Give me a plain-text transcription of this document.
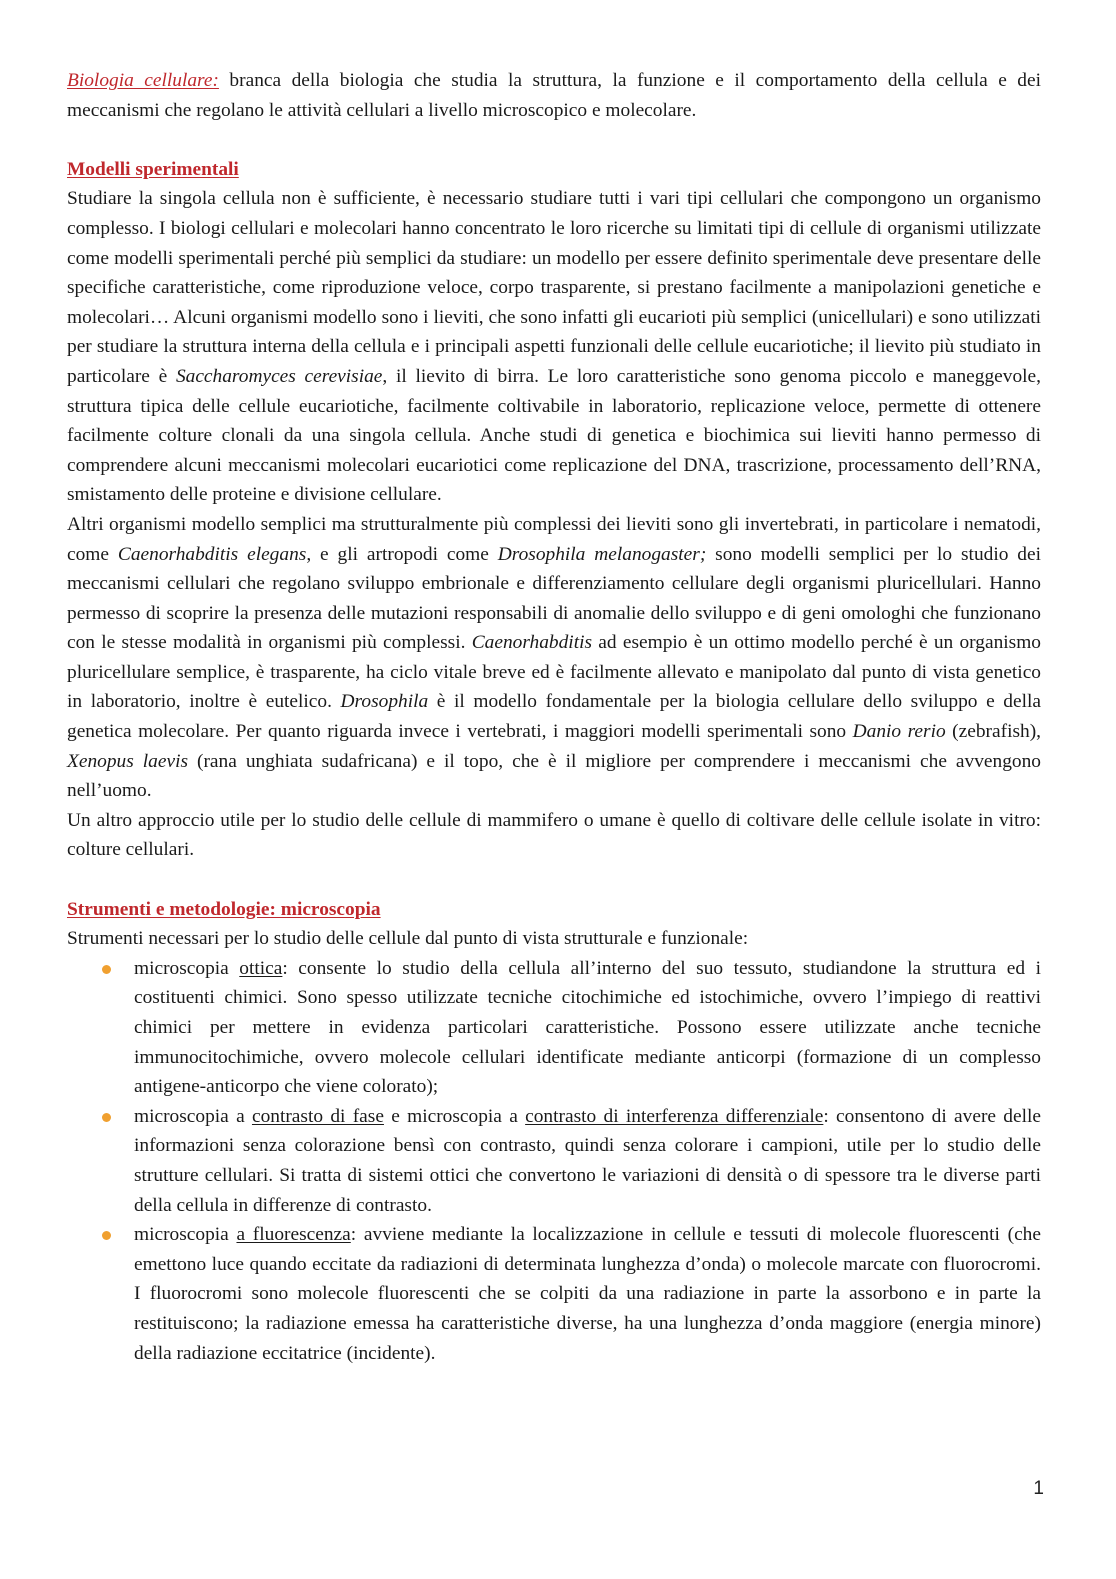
Biologia cellulare: branca della biologia che studia la struttura, la funzione e il comportamento della cellula e dei meccanismi che regolano le attività cellulari a livello microscopico e molecolare.

Modelli sperimentali

Studiare la singola cellula non è sufficiente, è necessario studiare tutti i vari tipi cellulari che compongono un organismo complesso. I biologi cellulari e molecolari hanno concentrato le loro ricerche su limitati tipi di cellule di organismi utilizzate come modelli sperimentali perché più semplici da studiare: un modello per essere definito sperimentale deve presentare delle specifiche caratteristiche, come riproduzione veloce, corpo trasparente, si prestano facilmente a manipolazioni genetiche e molecolari… Alcuni organismi modello sono i lieviti, che sono infatti gli eucarioti più semplici (unicellulari) e sono utilizzati per studiare la struttura interna della cellula e i principali aspetti funzionali delle cellule eucariotiche; il lievito più studiato in particolare è Saccharomyces cerevisiae, il lievito di birra. Le loro caratteristiche sono genoma piccolo e maneggevole, struttura tipica delle cellule eucariotiche, facilmente coltivabile in laboratorio, replicazione veloce, permette di ottenere facilmente colture clonali da una singola cellula. Anche studi di genetica e biochimica sui lieviti hanno permesso di comprendere alcuni meccanismi molecolari eucariotici come replicazione del DNA, trascrizione, processamento dell’RNA, smistamento delle proteine e divisione cellulare.

Altri organismi modello semplici ma strutturalmente più complessi dei lieviti sono gli invertebrati, in particolare i nematodi, come Caenorhabditis elegans, e gli artropodi come Drosophila melanogaster; sono modelli semplici per lo studio dei meccanismi cellulari che regolano sviluppo embrionale e differenziamento cellulare degli organismi pluricellulari. Hanno permesso di scoprire la presenza delle mutazioni responsabili di anomalie dello sviluppo e di geni omologhi che funzionano con le stesse modalità in organismi più complessi. Caenorhabditis ad esempio è un ottimo modello perché è un organismo pluricellulare semplice, è trasparente, ha ciclo vitale breve ed è facilmente allevato e manipolato dal punto di vista genetico in laboratorio, inoltre è eutelico. Drosophila è il modello fondamentale per la biologia cellulare dello sviluppo e della genetica molecolare. Per quanto riguarda invece i vertebrati, i maggiori modelli sperimentali sono Danio rerio (zebrafish), Xenopus laevis (rana unghiata sudafricana) e il topo, che è il migliore per comprendere i meccanismi che avvengono nell’uomo.

Un altro approccio utile per lo studio delle cellule di mammifero o umane è quello di coltivare delle cellule isolate in vitro: colture cellulari.

Strumenti e metodologie: microscopia

Strumenti necessari per lo studio delle cellule dal punto di vista strutturale e funzionale:

microscopia ottica: consente lo studio della cellula all’interno del suo tessuto, studiandone la struttura ed i costituenti chimici. Sono spesso utilizzate tecniche citochimiche ed istochimiche, ovvero l’impiego di reattivi chimici per mettere in evidenza particolari caratteristiche. Possono essere utilizzate anche tecniche immunocitochimiche, ovvero molecole cellulari identificate mediante anticorpi (formazione di un complesso antigene-anticorpo che viene colorato);
microscopia a contrasto di fase e microscopia a contrasto di interferenza differenziale: consentono di avere delle informazioni senza colorazione bensì con contrasto, quindi senza colorare i campioni, utile per lo studio delle strutture cellulari. Si tratta di sistemi ottici che convertono le variazioni di densità o di spessore tra le diverse parti della cellula in differenze di contrasto.
microscopia a fluorescenza: avviene mediante la localizzazione in cellule e tessuti di molecole fluorescenti (che emettono luce quando eccitate da radiazioni di determinata lunghezza d’onda) o molecole marcate con fluorocromi. I fluorocromi sono molecole fluorescenti che se colpiti da una radiazione in parte la assorbono e in parte la restituiscono; la radiazione emessa ha caratteristiche diverse, ha una lunghezza d’onda maggiore (energia minore) della radiazione eccitatrice (incidente).
1
